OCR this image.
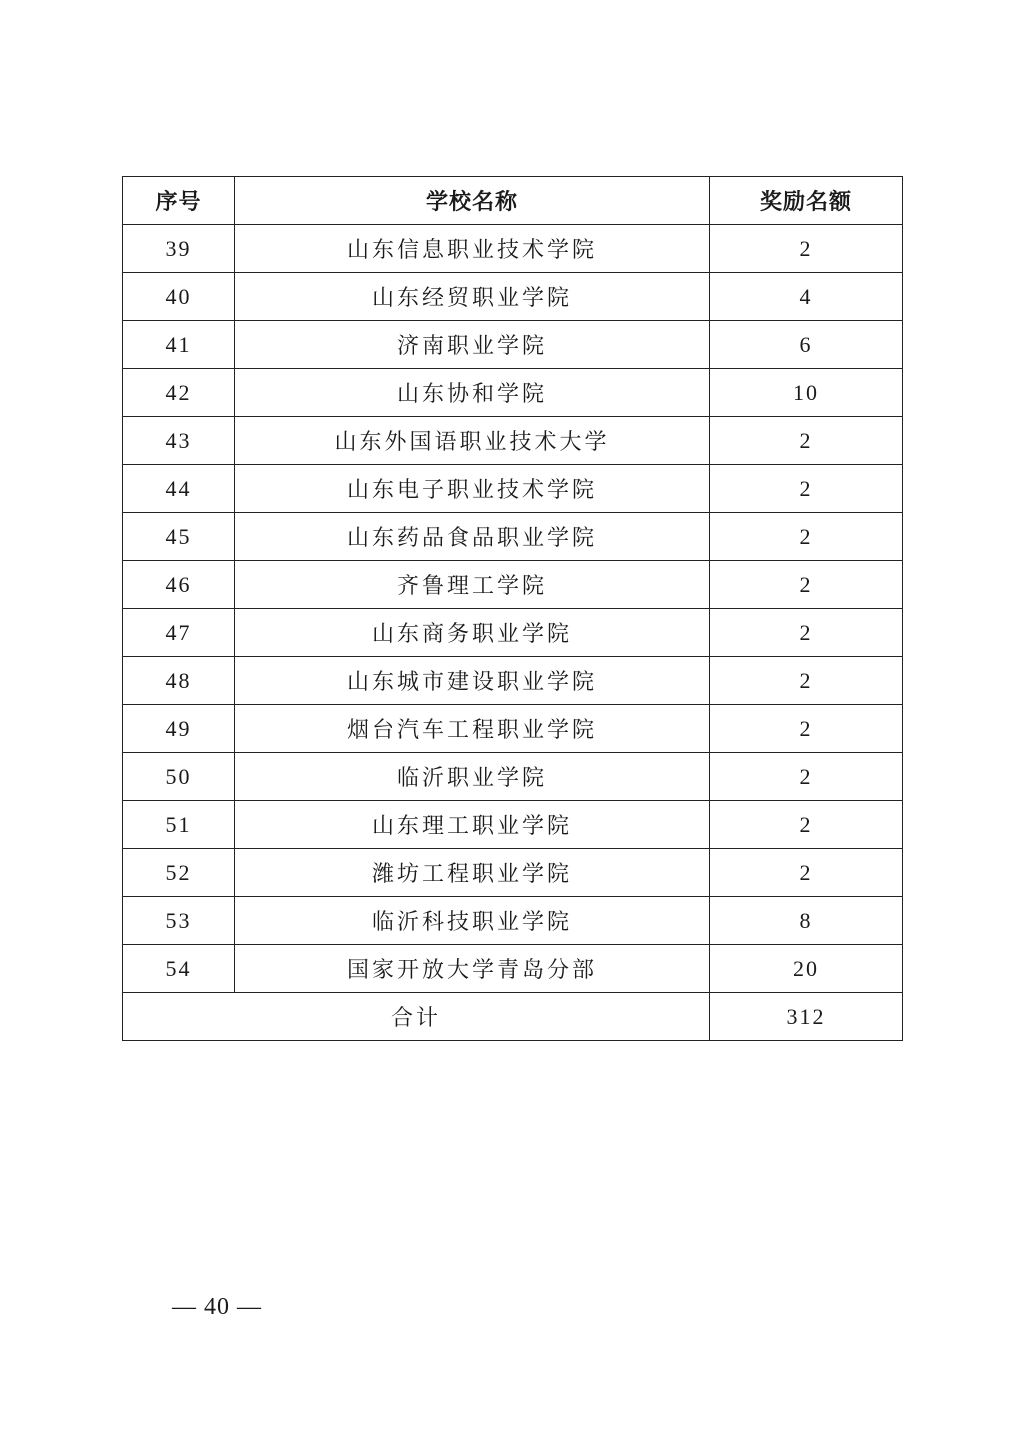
序号	学校名称	奖励名额
39	山东信息职业技术学院	2
40	山东经贸职业学院	4
41	济南职业学院	6
42	山东协和学院	10
43	山东外国语职业技术大学	2
44	山东电子职业技术学院	2
45	山东药品食品职业学院	2
46	齐鲁理工学院	2
47	山东商务职业学院	2
48	山东城市建设职业学院	2
49	烟台汽车工程职业学院	2
50	临沂职业学院	2
51	山东理工职业学院	2
52	潍坊工程职业学院	2
53	临沂科技职业学院	8
54	国家开放大学青岛分部	20
合计		312
— 40 —
